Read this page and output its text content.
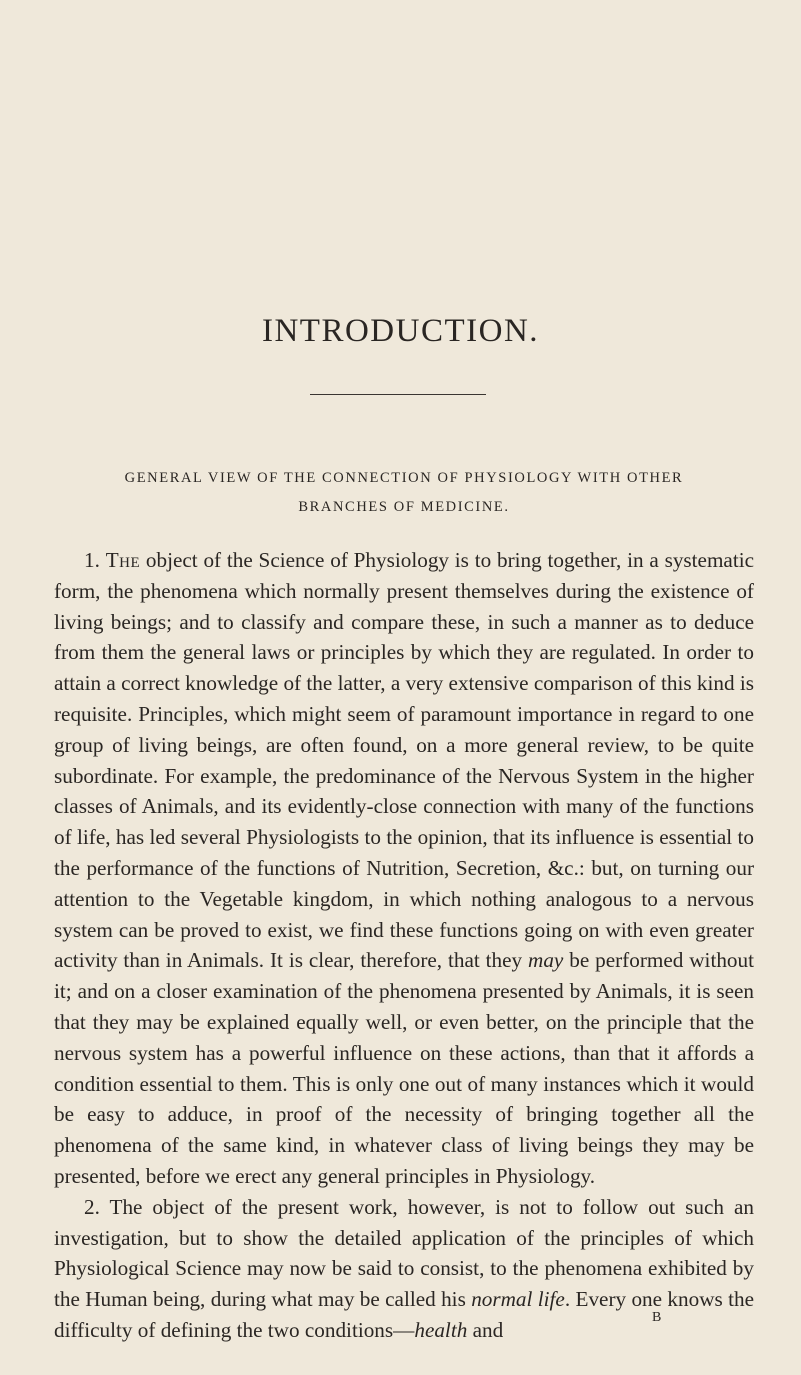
INTRODUCTION.
GENERAL VIEW OF THE CONNECTION OF PHYSIOLOGY WITH OTHER
BRANCHES OF MEDICINE.

1. The object of the Science of Physiology is to bring together, in a systematic form, the phenomena which normally present themselves during the existence of living beings; and to classify and compare these, in such a manner as to deduce from them the general laws or principles by which they are regulated. In order to attain a correct knowledge of the latter, a very extensive comparison of this kind is requisite. Principles, which might seem of paramount importance in regard to one group of living beings, are often found, on a more general review, to be quite subordinate. For example, the predominance of the Nervous System in the higher classes of Animals, and its evidently-close connection with many of the functions of life, has led several Physiologists to the opinion, that its influence is essential to the performance of the functions of Nutrition, Secretion, &c.: but, on turning our attention to the Vegetable kingdom, in which nothing analogous to a nervous system can be proved to exist, we find these functions going on with even greater activity than in Animals. It is clear, therefore, that they may be performed without it; and on a closer examination of the phenomena presented by Animals, it is seen that they may be explained equally well, or even better, on the principle that the nervous system has a powerful influence on these actions, than that it affords a condition essential to them. This is only one out of many instances which it would be easy to adduce, in proof of the necessity of bringing together all the phenomena of the same kind, in whatever class of living beings they may be presented, before we erect any general principles in Physiology.

2. The object of the present work, however, is not to follow out such an investigation, but to show the detailed application of the principles of which Physiological Science may now be said to consist, to the phenomena exhibited by the Human being, during what may be called his normal life. Every one knows the difficulty of defining the two conditions—health and

B
